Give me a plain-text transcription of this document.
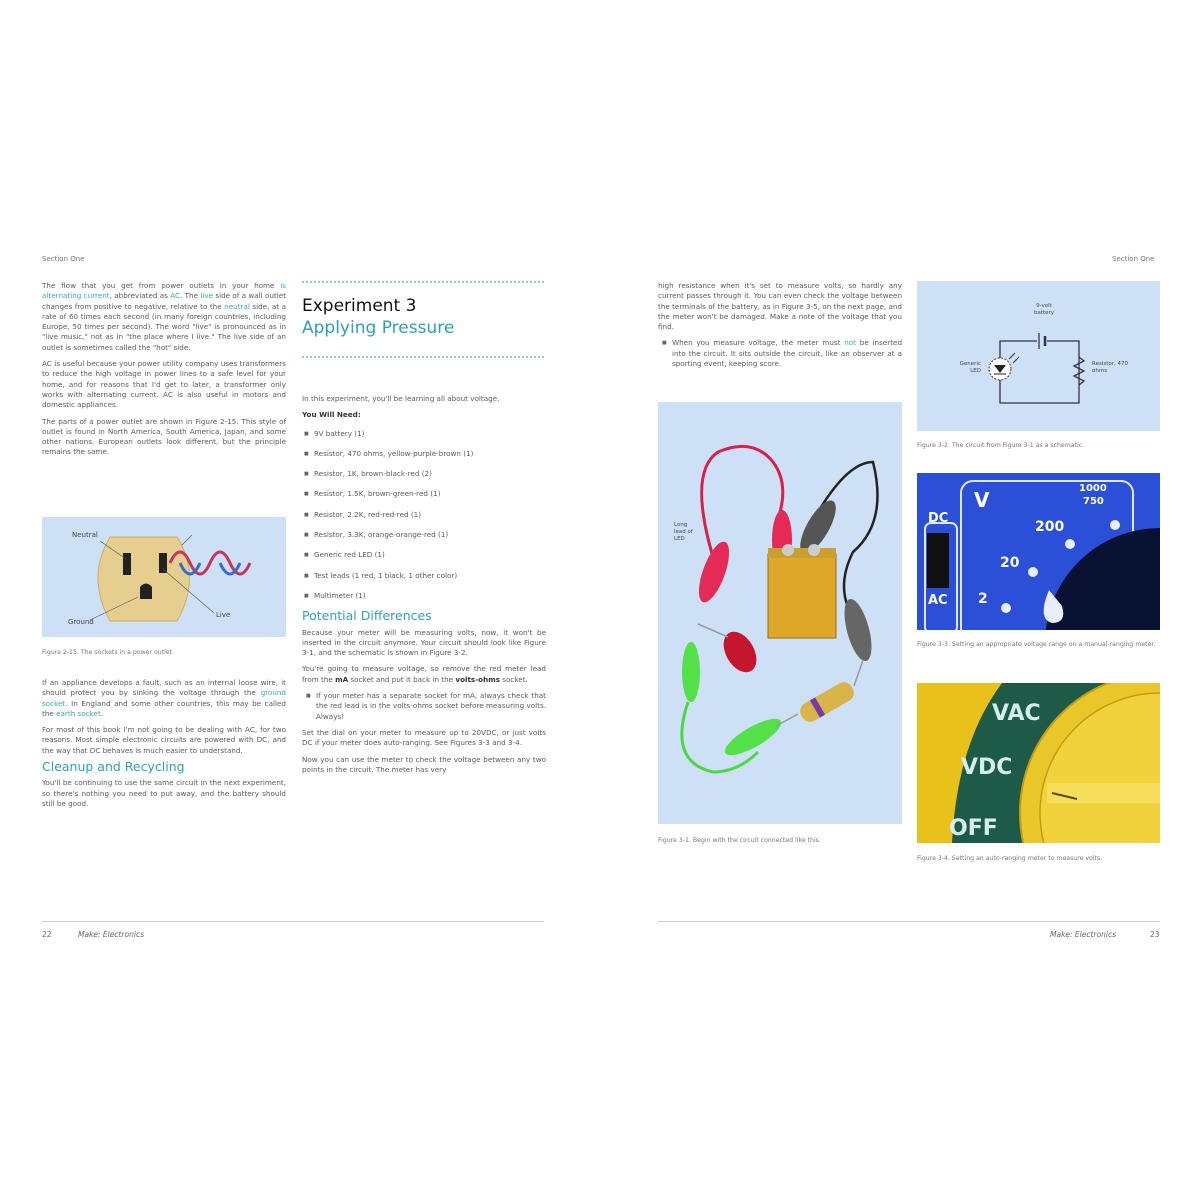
Section One

The flow that you get from power outlets in your home is alternating current, abbreviated as AC. The live side of a wall outlet changes from positive to negative, relative to the neutral side, at a rate of 60 times each second (in many foreign countries, including Europe, 50 times per second). The word "live" is pronounced as in "live music," not as in "the place where I live." The live side of an outlet is sometimes called the "hot" side.

AC is useful because your power utility company uses transformers to reduce the high voltage in power lines to a safe level for your home, and for reasons that I'd get to later, a transformer only works with alternating current. AC is also useful in motors and domestic appliances.

The parts of a power outlet are shown in Figure 2-15. This style of outlet is found in North America, South America, Japan, and some other nations. European outlets look different, but the principle remains the same.

Neutral
Live
Ground
Figure 2-15. The sockets in a power outlet.

If an appliance develops a fault, such as an internal loose wire, it should protect you by sinking the voltage through the ground socket. In England and some other countries, this may be called the earth socket.

For most of this book I'm not going to be dealing with AC, for two reasons. Most simple electronic circuits are powered with DC, and the way that DC behaves is much easier to understand.

Cleanup and Recycling

You'll be continuing to use the same circuit in the next experiment, so there's nothing you need to put away, and the battery should still be good.

Experiment 3
Applying Pressure

In this experiment, you'll be learning all about voltage.

You Will Need:

■ 9V battery (1)
■ Resistor, 470 ohms, yellow-purple-brown (1)
■ Resistor, 1K, brown-black-red (2)
■ Resistor, 1.5K, brown-green-red (1)
■ Resistor, 2.2K, red-red-red (1)
■ Resistor, 3.3K, orange-orange-red (1)
■ Generic red LED (1)
■ Test leads (1 red, 1 black, 1 other color)
■ Multimeter (1)
Potential Differences

Because your meter will be measuring volts, now, it won't be inserted in the circuit anymore. Your circuit should look like Figure 3-1, and the schematic is shown in Figure 3-2.

You're going to measure voltage, so remove the red meter lead from the mA socket and put it back in the volts-ohms socket.

■ If your meter has a separate socket for mA, always check that the red lead is in the volts-ohms socket before measuring volts. Always!

Set the dial on your meter to measure up to 20VDC, or just volts DC if your meter does auto-ranging. See Figures 3-3 and 3-4.

Now you can use the meter to check the voltage between any two points in the circuit. The meter has very

22	Make: Electronics
Section One

high resistance when it's set to measure volts, so hardly any current passes through it. You can even check the voltage between the terminals of the battery, as in Figure 3-5, on the next page, and the meter won't be damaged. Make a note of the voltage that you find.

■ When you measure voltage, the meter must not be inserted into the circuit. It sits outside the circuit, like an observer at a sporting event, keeping score.

Long lead of LED
Figure 3-1. Begin with the circuit connected like this.
9-volt battery
Generic LED
Resistor, 470 ohms
Figure 3-2. The circuit from Figure 3-1 as a schematic.
V
DC
AC 2
20
200
1000
750
Figure 3-3. Setting an appropriate voltage range on a manual-ranging meter.
VAC
VDC
OFF
Figure 3-4. Setting an auto-ranging meter to measure volts.
Make: Electronics	23
